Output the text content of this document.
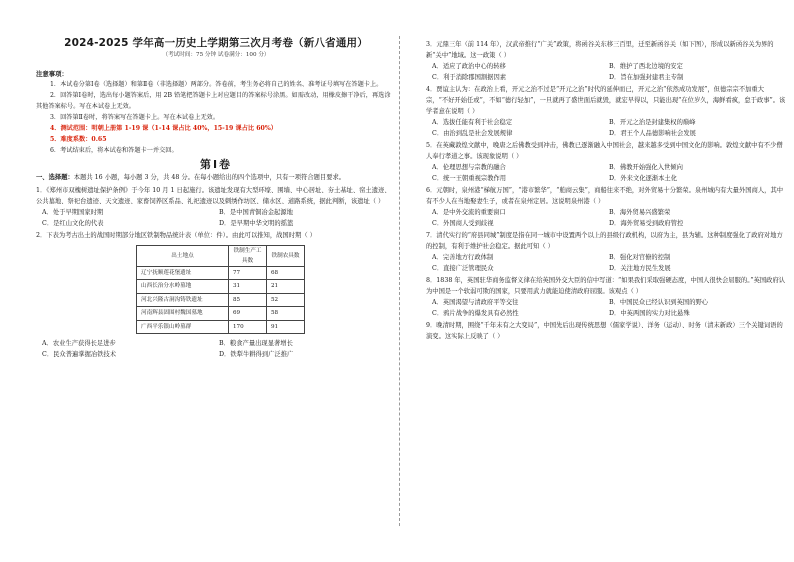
2024-2025 学年高一历史上学期第三次月考卷（新八省通用）
（考试时间：75 分钟 试卷满分：100 分）
注意事项：
1．本试卷分第Ⅰ卷（选择题）和第Ⅱ卷（非选择题）两部分。答卷前，考生务必将自己的姓名、准考证号填写在答题卡上。
2．回答第Ⅰ卷时，选出每小题答案后，用 2B 铅笔把答题卡上对应题目的答案标号涂黑。如需改动，用橡皮擦干净后，再选涂其他答案标号。写在本试卷上无效。
3．回答第Ⅱ卷时，将答案写在答题卡上。写在本试卷上无效。
4．测试范围：明朝上册第 1-19 课（1-14 课占比 40%，15-19 课占比 60%）
5．难度系数：0.65
6．考试结束后，将本试卷和答题卡一并交回。
第Ⅰ卷
一、选择题：本题共 16 小题，每小题 3 分，共 48 分。在每小题给出的四个选项中，只有一项符合题目要求。
1．《郑州市双槐树遗址保护条例》于今年 10 月 1 日起施行。该遗址发现有大型环壕、围墙、中心居址、夯土基址、窑土遗迹、公共墓地、祭祀台遗迹、天文遗迹、家畜饲养区系品、礼祀遗迹以及刺绣作坊区、储水区、道路系统，据此判断，该遗址（ ）
A．处于早期国家时期	B．是中国青铜冶金起源地
C．是红山文化的代表	D．是早期中华文明的摇篮
2．下表为考古出土的战国时期部分地区铁制物品统计表（单位：件）。由此可以推知，战国时期（ ）
出土地点	铁制生产工具数	铁制农具数
辽宁抚顺莲花堡遗址	77	68
山西长治分水岭墓地	31	21
河北兴隆古洞沟铸铁遗址	85	52
河南辉县固围村魏国墓地	69	58
广西平乐银山岭墓群	170	91
A．农业生产获得长足进步	B．粮食产量出现显著增长
C．民众普遍掌握冶铁技术	D．铁犁牛耕得到广泛推广
3．元鼎三年（前 114 年），汉武帝推行“广关”政策，将函谷关东移三百里，迁至新函谷关（如下图），形成以新函谷关为界的新“关中”地域。这一政策（ ）
A．适应了政治中心的转移	B．维护了西北边境的安定
C．利于消除郡国割据因素	D．旨在加强封建君主专制
4．贾谊主认为：在政治上看，开元之治不过是“开元之治”时代的延伸而已，开元之治“依然成功发展”，但德宗宗不加重大宗，“不好开始任或”，不如“德行轻加”，一旦就再了盛世面后就毁，就宏早得以，只能出现“在位岁久，海鲜看疯，怠于政事”。该学者意在说明（ ）
A．选拔任能有利于社会稳定	B．开元之治是封建集权的巅峰
C．由治到乱是社会发展规律	D．君王个人品德影响社会发展
5．在英藏敦煌文献中，晚唐之后佛教受到冲击，佛教已逐渐融入中国社会，越来越多受到中国文化的影响。敦煌文献中有不少僧人奉行孝道之事。该现象说明（ ）
A．伦理思想与宗教的融合	B．佛教开始强化入世倾向
C．统一王朝重视宗教作用	D．外来文化逐渐本土化
6．元朝时，泉州港“梯航万国”，“港市繁华”，“舶商云集”，商船往来不绝，对外贸易十分繁荣。泉州城内有大量外国商人，其中有不少人在当地娶妻生子，或者在泉州定居。这说明泉州港（ ）
A．是中外交流的重要窗口	B．海外贸易兴盛繁荣
C．外国商人受到歧视	D．海外贸易受到政府管控
7．清代实行的“府县同城”制度是指在同一城市中设置两个以上的县级行政机构，以府为主，县为辅。这种制度强化了政府对地方的控制，有利于维护社会稳定。据此可知（ ）
A．完善地方行政体制	B．强化对官僚的控制
C．直接广泛管理民众	D．关注地方民生发展
8．1838 年，英国驻华商务监督义律在给英国外交大臣的信中写道：“如果我们采取强硬态度，中国人很快会屈服的。”英国政府认为中国是一个软弱可欺的国家，只要用武力就能迫使清政府屈服。该观点（ ）
A．英国渴望与清政府平等交往	B．中国民众已经认识到英国的野心
C．鸦片战争的爆发具有必然性	D．中英两国的实力对比悬殊
9．晚清时期，围绕“千年未有之大变局”，中国先后出现传统思想（儒家学说）、洋务（运动）、时务（清末新政）三个关键词语的演变。这实际上反映了（ ）
